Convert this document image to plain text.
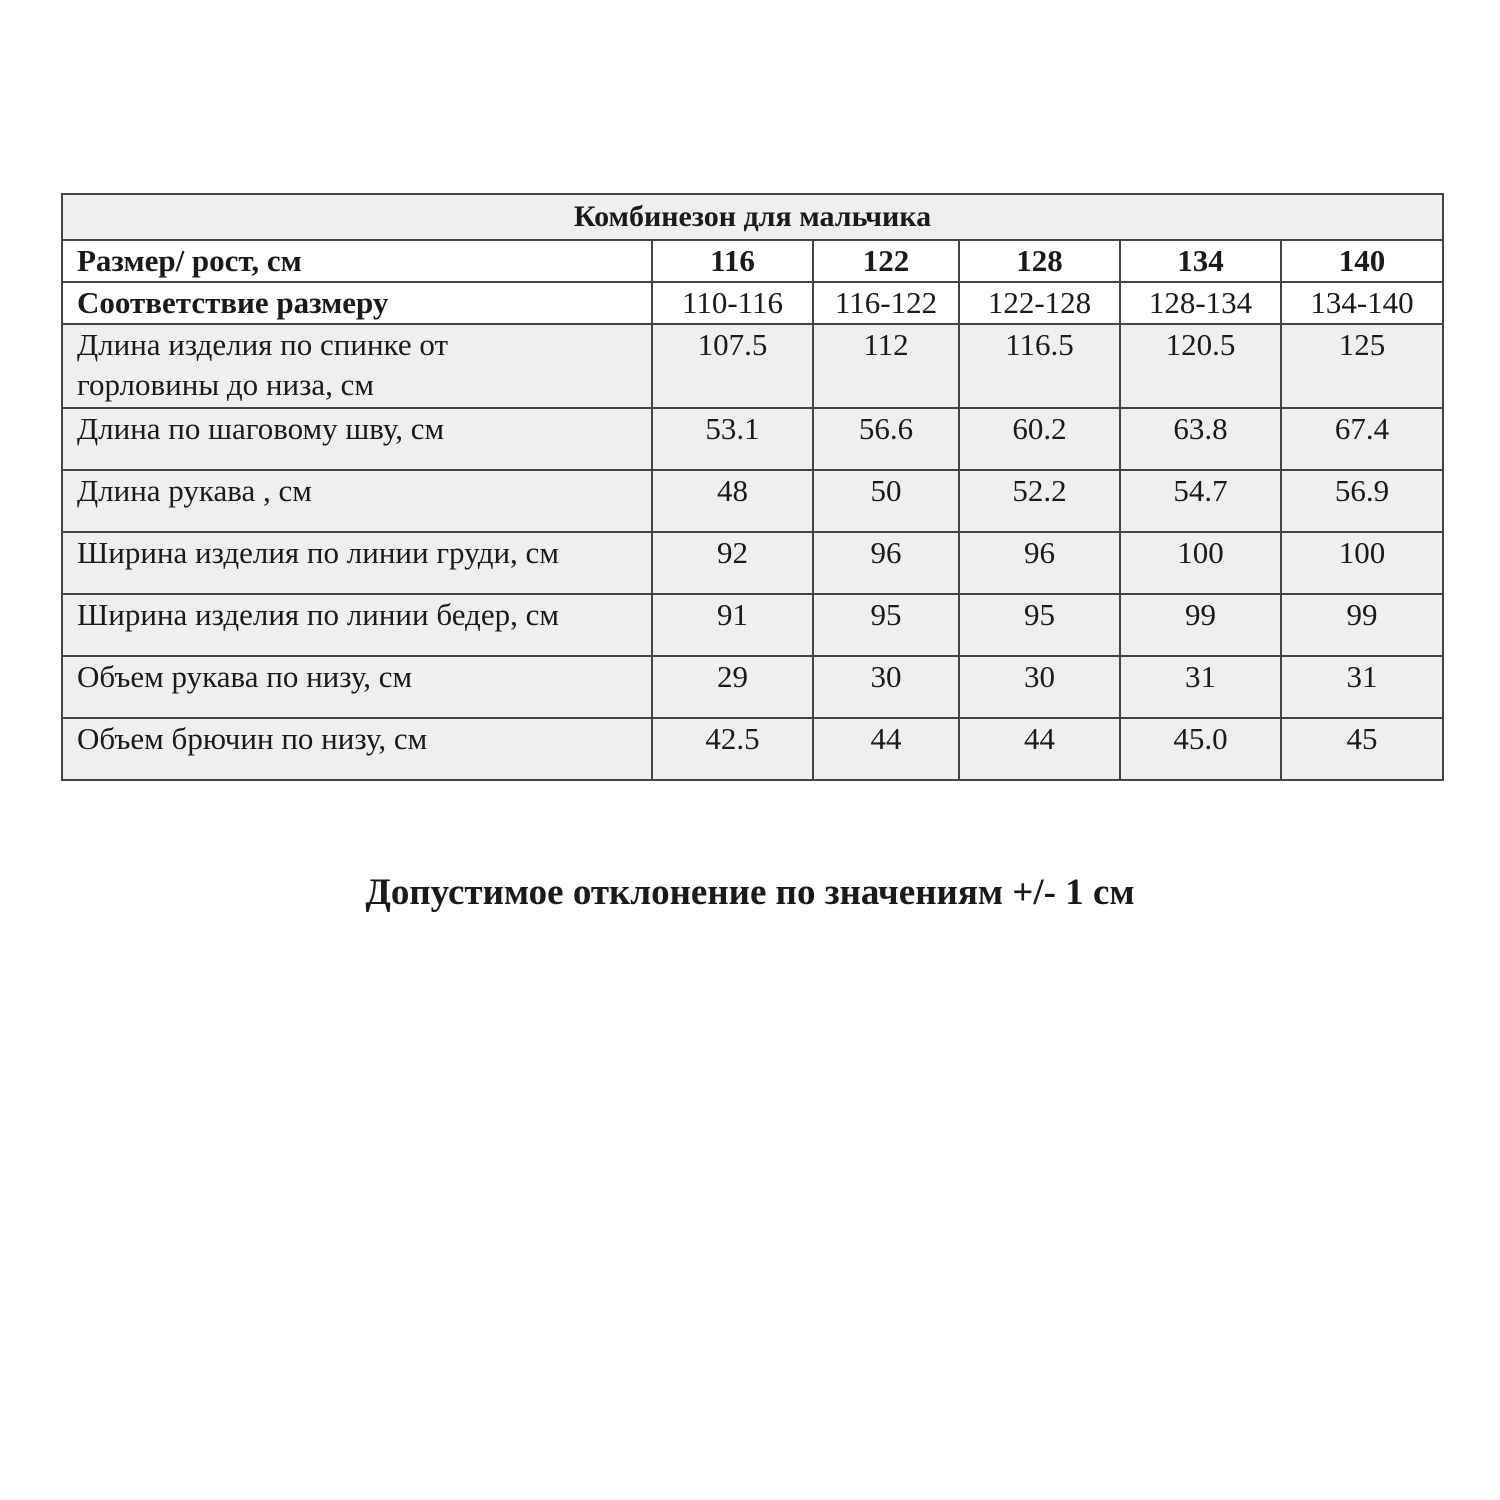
Комбинезон для мальчика					
Размер/ рост, см	116	122	128	134	140
Соответствие размеру	110-116	116-122	122-128	128-134	134-140
Длина изделия по спинке от
горловины до низа, см	107.5	112	116.5	120.5	125
Длина по шаговому шву, см	53.1	56.6	60.2	63.8	67.4
Длина рукава , см	48	50	52.2	54.7	56.9
Ширина изделия по линии груди, см	92	96	96	100	100
Ширина изделия по линии бедер, см	91	95	95	99	99
Объем рукава по низу, см	29	30	30	31	31
Объем брючин по низу, см	42.5	44	44	45.0	45
Допустимое отклонение по значениям +/- 1 см
